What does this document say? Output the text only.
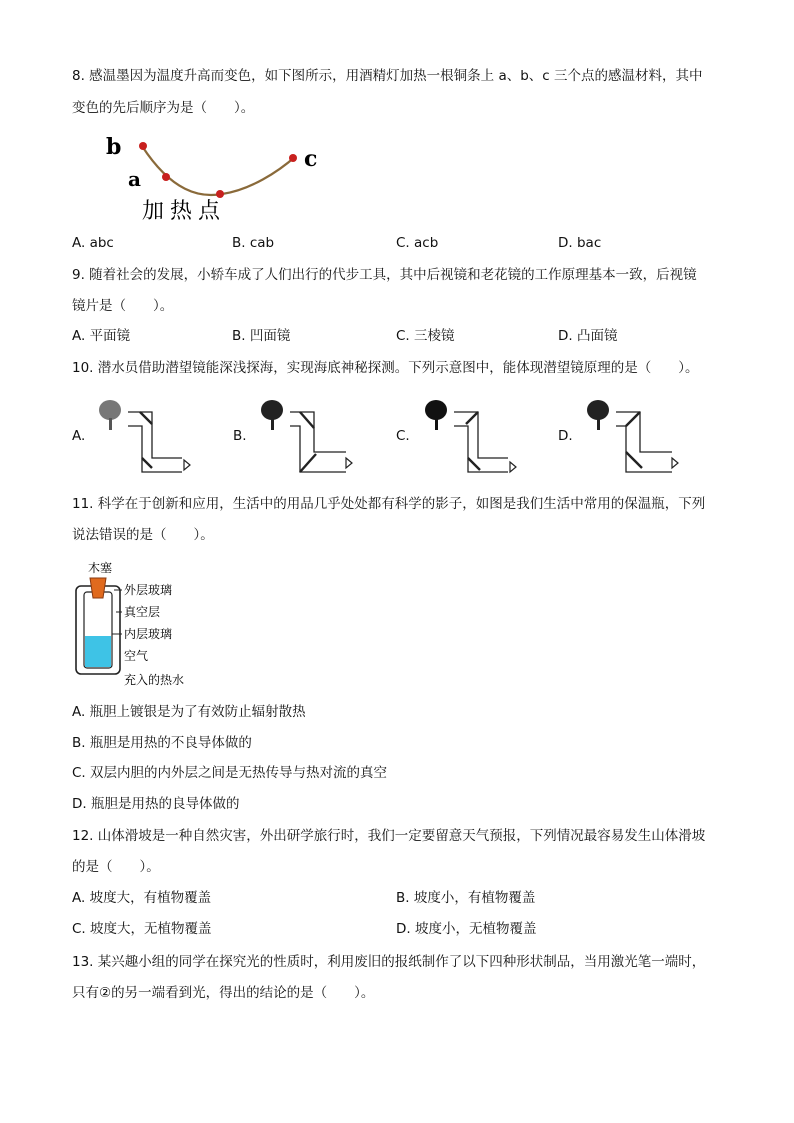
8. 感温墨因为温度升高而变色，如下图所示，用酒精灯加热一根铜条上 a、b、c 三个点的感温材料，其中
变色的先后顺序为是（　　）。
b
a
c
加热点
A. abc	B. cab	C. acb	D. bac
9. 随着社会的发展，小轿车成了人们出行的代步工具，其中后视镜和老花镜的工作原理基本一致，后视镜
镜片是（　　）。
A. 平面镜	B. 凹面镜	C. 三棱镜	D. 凸面镜
10. 潜水员借助潜望镜能深浅探海，实现海底神秘探测。下列示意图中，能体现潜望镜原理的是（　　）。
A.	B.	C.	D.
11. 科学在于创新和应用，生活中的用品几乎处处都有科学的影子，如图是我们生活中常用的保温瓶，下列
说法错误的是（　　）。
木塞
外层玻璃
真空层
内层玻璃
空气
充入的热水
A. 瓶胆上镀银是为了有效防止辐射散热
B. 瓶胆是用热的不良导体做的
C. 双层内胆的内外层之间是无热传导与热对流的真空
D. 瓶胆是用热的良导体做的
12. 山体滑坡是一种自然灾害，外出研学旅行时，我们一定要留意天气预报，下列情况最容易发生山体滑坡
的是（　　）。
A. 坡度大，有植物覆盖	B. 坡度小，有植物覆盖
C. 坡度大，无植物覆盖	D. 坡度小，无植物覆盖
13. 某兴趣小组的同学在探究光的性质时，利用废旧的报纸制作了以下四种形状制品，当用激光笔一端时，
只有②的另一端看到光，得出的结论的是（　　）。
